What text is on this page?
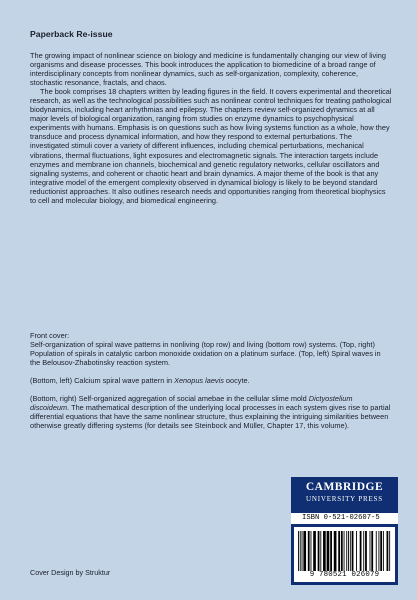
Paperback Re-issue

The growing impact of nonlinear science on biology and medicine is fundamentally changing our view of living organisms and disease processes. This book introduces the application to biomedicine of a broad range of interdisciplinary concepts from nonlinear dynamics, such as self-organization, complexity, coherence, stochastic resonance, fractals, and chaos.

The book comprises 18 chapters written by leading figures in the field. It covers experimental and theoretical research, as well as the technological possibilities such as nonlinear control techniques for treating pathological biodynamics, including heart arrhythmias and epilepsy. The chapters review self-organized dynamics at all major levels of biological organization, ranging from studies on enzyme dynamics to psychophysical experiments with humans. Emphasis is on questions such as how living systems function as a whole, how they transduce and process dynamical information, and how they respond to external perturbations. The investigated stimuli cover a variety of different influences, including chemical perturbations, mechanical vibrations, thermal fluctuations, light exposures and electromagnetic signals. The interaction targets include enzymes and membrane ion channels, biochemical and genetic regulatory networks, cellular oscillators and signaling systems, and coherent or chaotic heart and brain dynamics. A major theme of the book is that any integrative model of the emergent complexity observed in dynamical biology is likely to be beyond standard reductionist approaches. It also outlines research needs and opportunities ranging from theoretical biophysics to cell and molecular biology, and biomedical engineering.

Front cover:

Self-organization of spiral wave patterns in nonliving (top row) and living (bottom row) systems. (Top, right) Population of spirals in catalytic carbon monoxide oxidation on a platinum surface. (Top, left) Spiral waves in the Belousov-Zhabotinsky reaction system.

(Bottom, left) Calcium spiral wave pattern in Xenopus laevis oocyte.

(Bottom, right) Self-organized aggregation of social amebae in the cellular slime mold Dictyostelium discoideum. The mathematical description of the underlying local processes in each system gives rise to partial differential equations that have the same nonlinear structure, thus explaining the intriguing similarities between otherwise greatly differing systems (for details see Steinbock and Müller, Chapter 17, this volume).

Cover Design by Struktur
CAMBRIDGE
UNIVERSITY PRESS
ISBN 0-521-02607-5
9 780521 026079
